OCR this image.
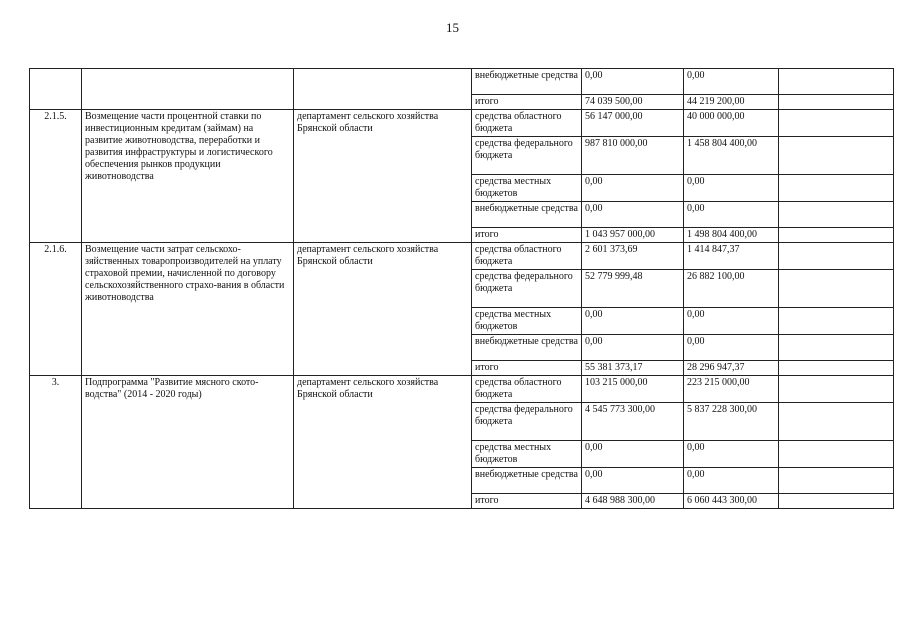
15
			внебюджетные средства	0,00	0,00	
			итого	74 039 500,00	44 219 200,00	
2.1.5.	Возмещение части процентной ставки по инвестиционным кредитам (займам) на развитие животноводства, переработки и развития инфраструктуры и логистического обеспечения рынков продукции животноводства	департамент сельского хозяйства Брянской области	средства областного бюджета	56 147 000,00	40 000 000,00	
			средства федерального бюджета	987 810 000,00	1 458 804 400,00	
			средства местных бюджетов	0,00	0,00	
			внебюджетные средства	0,00	0,00	
			итого	1 043 957 000,00	1 498 804 400,00	
2.1.6.	Возмещение части затрат сельскохо-зяйственных товаропроизводителей на уплату страховой премии, начисленной по договору сельскохозяйственного страхо-вания в области животноводства	департамент сельского хозяйства Брянской области	средства областного бюджета	2 601 373,69	1 414 847,37	
			средства федерального бюджета	52 779 999,48	26 882 100,00	
			средства местных бюджетов	0,00	0,00	
			внебюджетные средства	0,00	0,00	
			итого	55 381 373,17	28 296 947,37	
3.	Подпрограмма "Развитие мясного ското-водства" (2014 - 2020 годы)	департамент сельского хозяйства Брянской области	средства областного бюджета	103 215 000,00	223 215 000,00	
			средства федерального бюджета	4 545 773 300,00	5 837 228 300,00	
			средства местных бюджетов	0,00	0,00	
			внебюджетные средства	0,00	0,00	
			итого	4 648 988 300,00	6 060 443 300,00	
